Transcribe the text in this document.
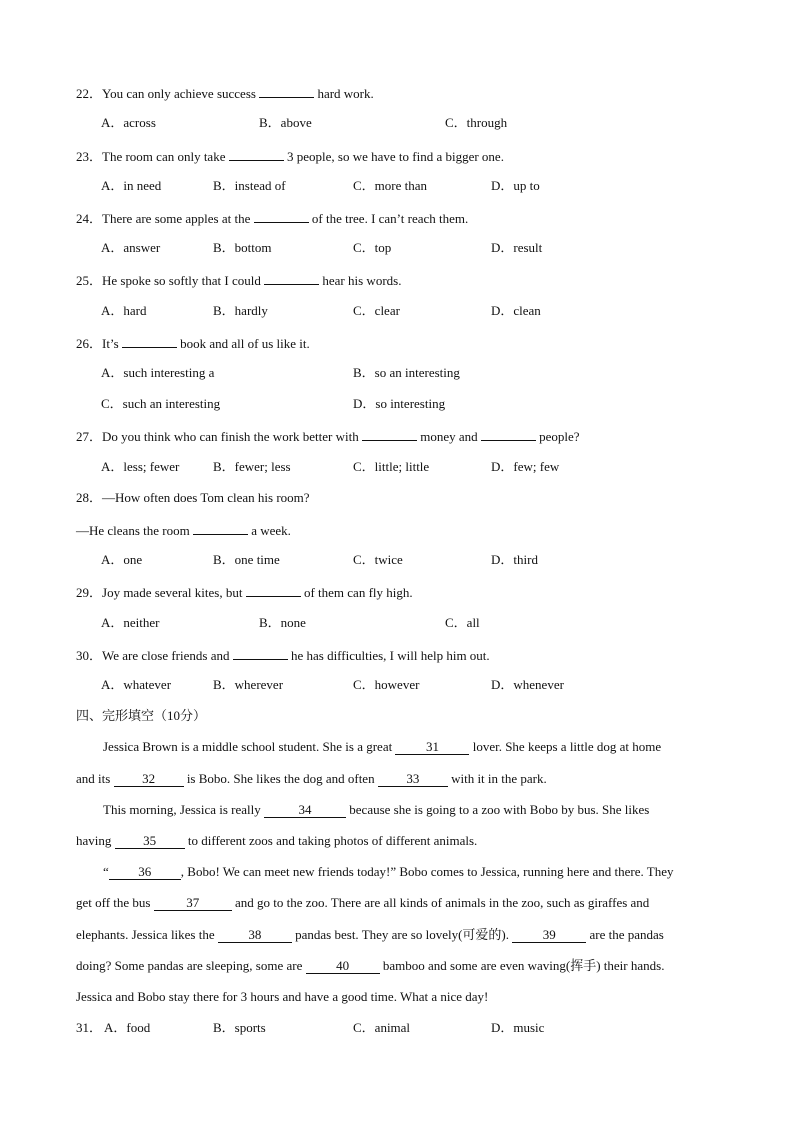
22．You can only achieve success	hard work.
A．across	B．above	C．through
23．The room can only take	3 people, so we have to find a bigger one.
A．in need	B．instead of	C．more than	D．up to
24．There are some apples at the	of the tree. I can’t reach them.
A．answer	B．bottom	C．top	D．result
25．He spoke so softly that I could	hear his words.
A．hard	B．hardly	C．clear	D．clean
26．It’s	book and all of us like it.
A．such interesting a	B．so an interesting
C．such an interesting	D．so interesting
27．Do you think who can finish the work better with	money and	people?
A．less; fewer	B．fewer; less	C．little; little	D．few; few
28．—How often does Tom clean his room?
—He cleans the room	a week.
A．one	B．one time	C．twice	D．third
29．Joy made several kites, but	of them can fly high.
A．neither	B．none	C．all
30．We are close friends and	he has difficulties, I will help him out.
A．whatever	B．wherever	C．however	D．whenever
四、完形填空（10分）
Jessica Brown is a middle school student. She is a great 31 lover. She keeps a little dog at home
and its 32 is Bobo. She likes the dog and often 33 with it in the park.
This morning, Jessica is really	34	because she is going to a zoo with Bobo by bus. She likes
having 35 to different zoos and taking photos of different animals.
“ 36 , Bobo! We can meet new friends today!” Bobo comes to Jessica, running here and there. They
get off the bus	37	and go to the zoo. There are all kinds of animals in the zoo, such as giraffes and
elephants. Jessica likes the 38 pandas best. They are so lovely(可爱的). 39 are the pandas
doing? Some pandas are sleeping, some are 40 bamboo and some are even waving(挥手) their hands.
Jessica and Bobo stay there for 3 hours and have a good time. What a nice day!
31． A．food	B．sports	C．animal	D．music
